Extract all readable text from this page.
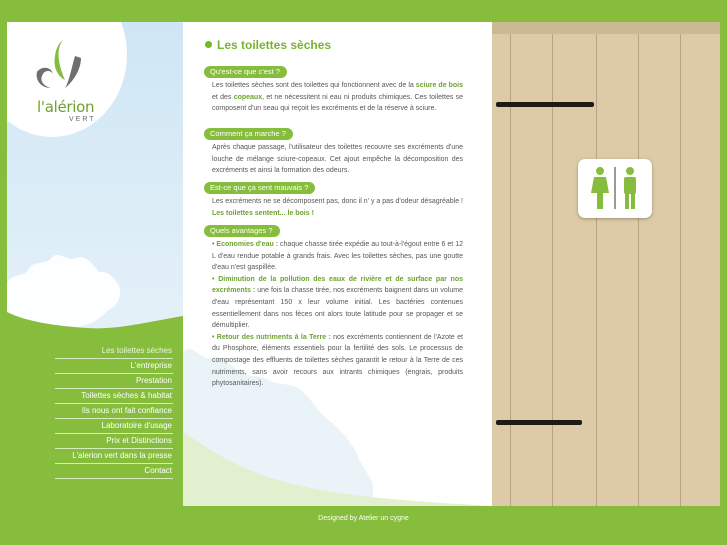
l'alérion
VERT
Les toilettes sèches
L'entreprise
Prestation
Toilettes sèches & habitat
Ils nous ont fait confiance
Laboratoire d'usage
Prix et Distinctions
L'alerion vert dans la presse
Contact
Les toilettes sèches
Qu'est-ce que c'est ?
Les toilettes sèches sont des toilettes qui fonctionnent avec de la sciure de bois et des copeaux, et ne nécessitent ni eau ni produits chimiques. Ces toilettes se composent d'un seau qui reçoit les excréments et de la réserve à sciure.
Comment ça marche ?
Après chaque passage, l'utilisateur des toilettes recouvre ses excréments d'une louche de mélange sciure-copeaux. Cet ajout empêche la décomposition des excréments et ainsi la formation des odeurs.
Est-ce que ça sent mauvais ?
Les excréments ne se décomposent pas, donc il n' y a pas d'odeur désagréable ! Les toilettes sentent... le bois !
Quels avantages ?
• Economies d'eau : chaque chasse tirée expédie au tout-à-l'égout entre 6 et 12 L d'eau rendue potable à grands frais. Avec les toilettes sèches, pas une goutte d'eau n'est gaspillée.
• Diminution de la pollution des eaux de rivière et de surface par nos excréments : une fois la chasse tirée, nos excréments baignent dans un volume d'eau représentant 150 x leur volume initial. Les bactéries contenues essentiellement dans nos fèces ont alors toute latitude pour se propager et se démultiplier.
• Retour des nutriments à la Terre : nos excréments contiennent de l'Azote et du Phosphore, éléments essentiels pour la fertilité des sols. Le processus de compostage des effluents de toilettes sèches garantit le retour à la Terre de ces nutriments, sans avoir recours aux intrants chimiques (engrais, produits phytosanitaires).
Designed by Atelier un cygne
